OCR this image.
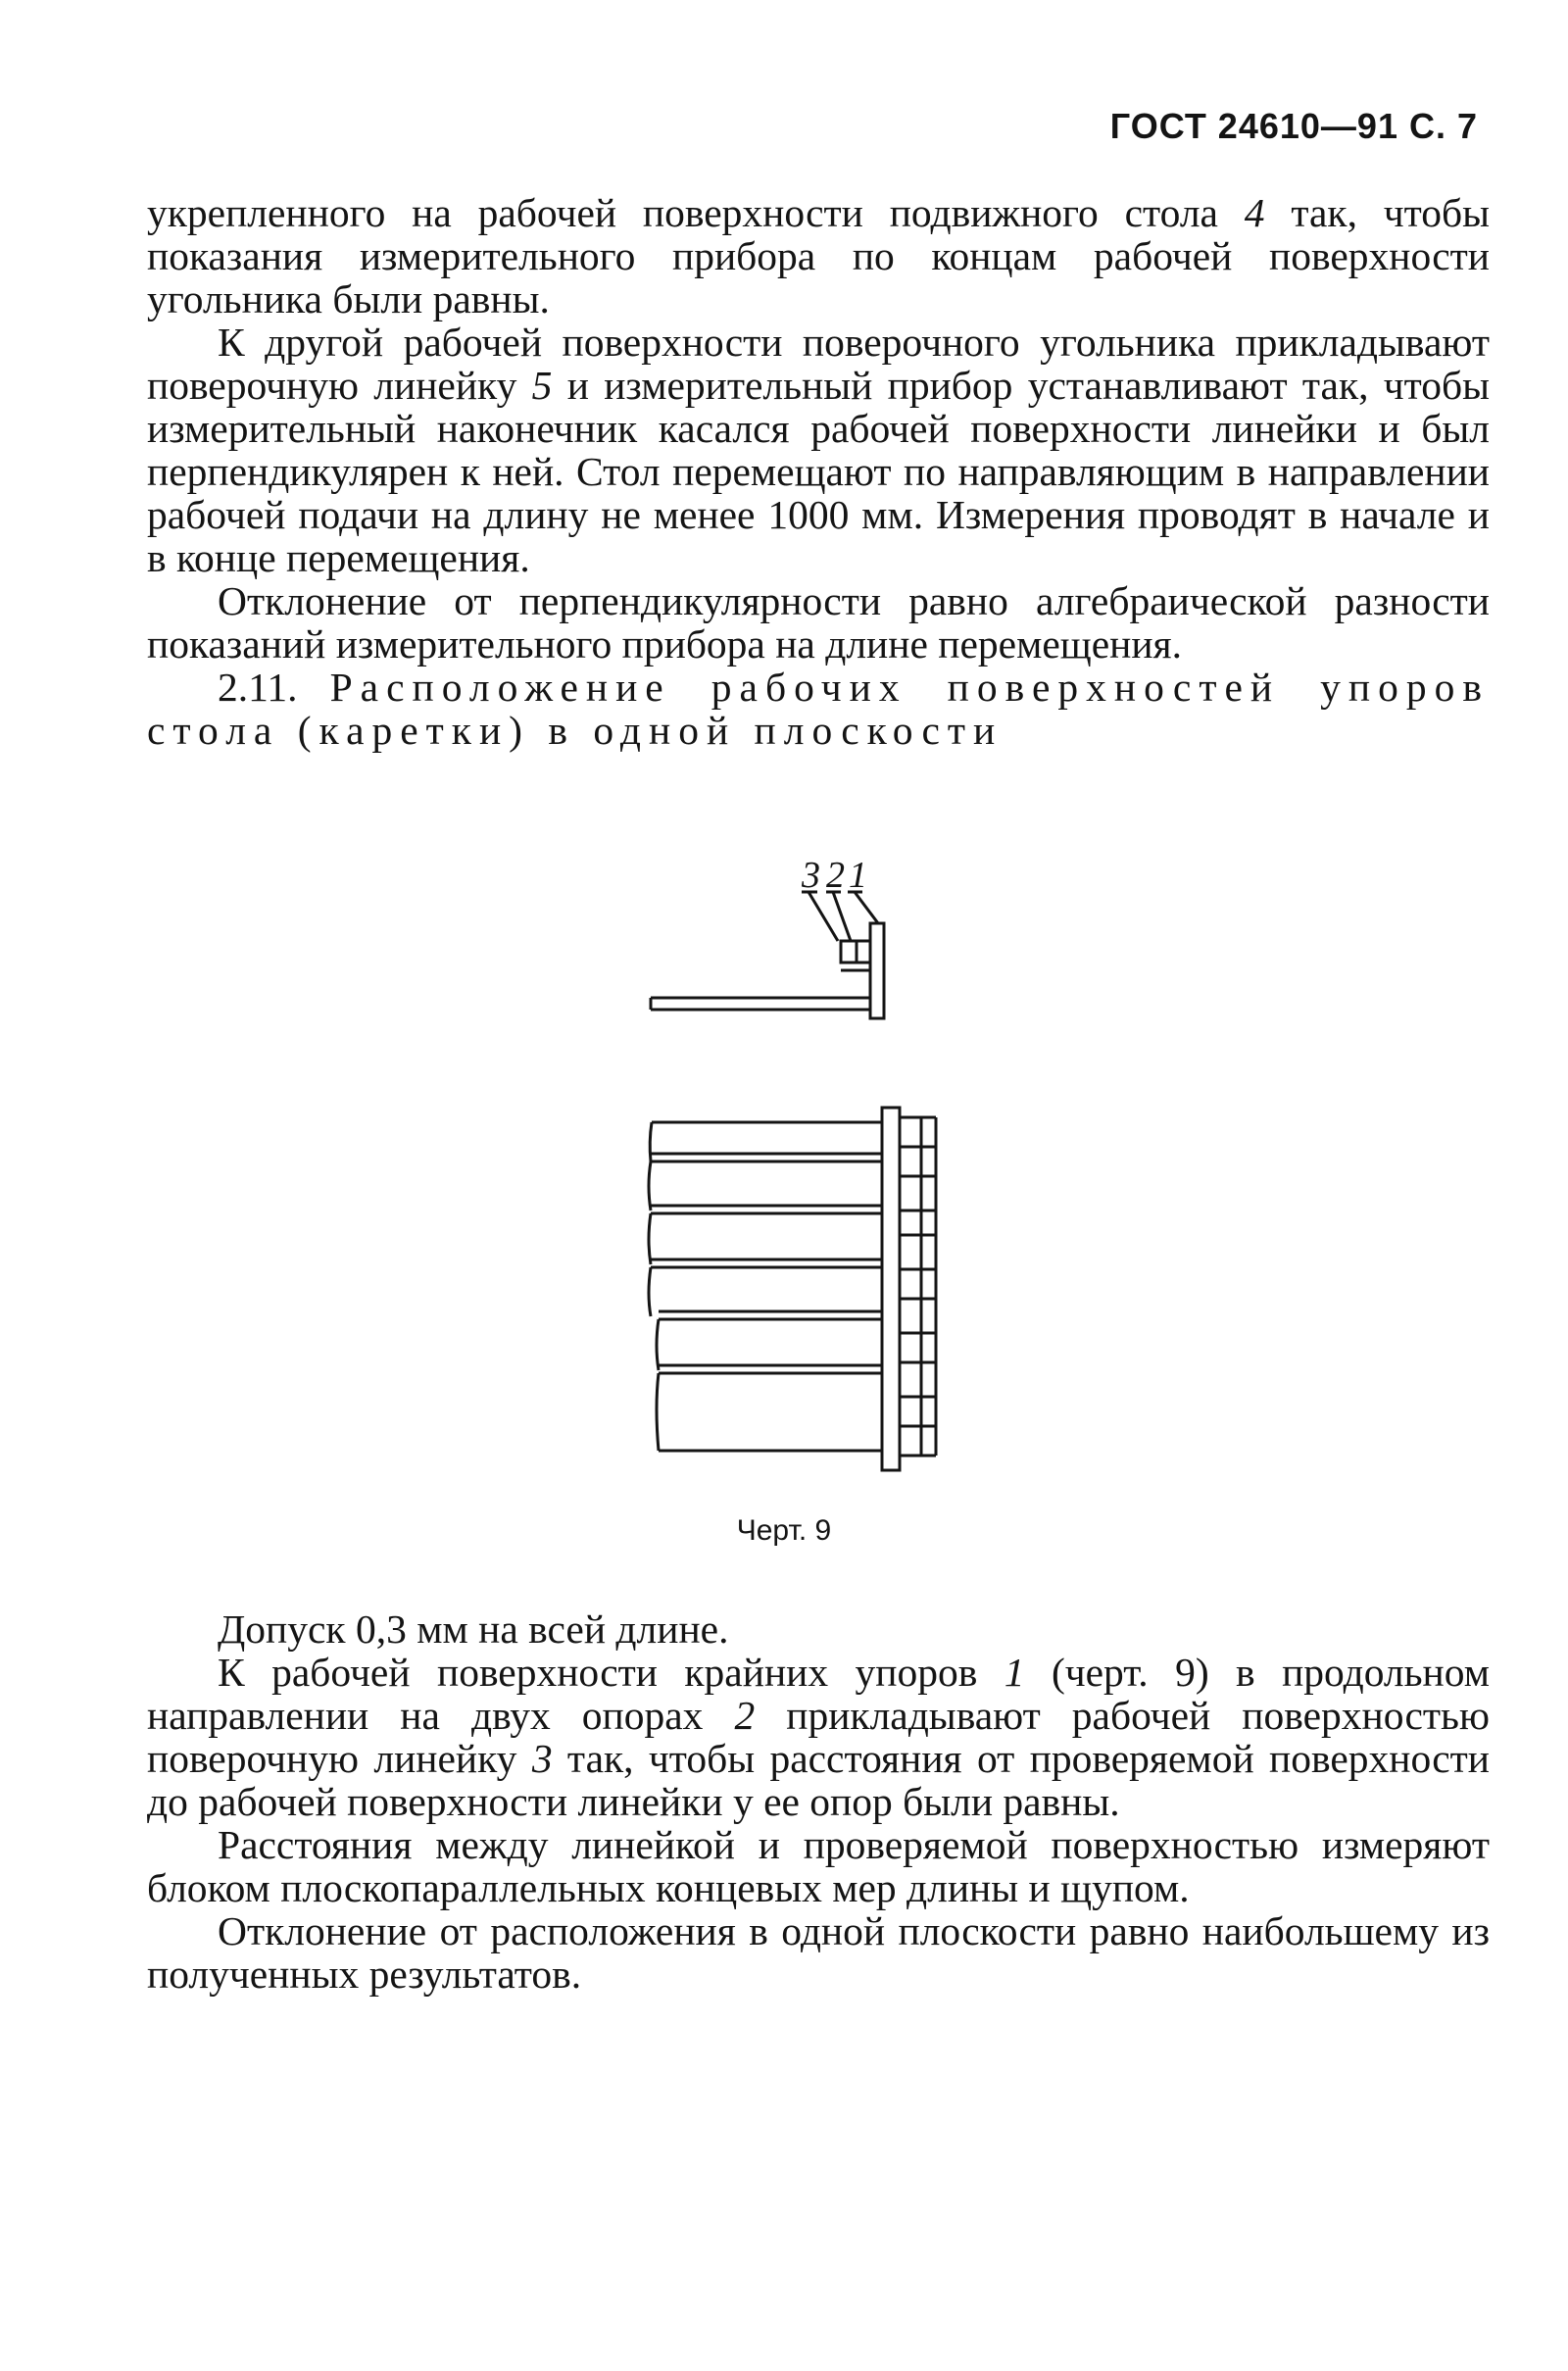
ГОСТ 24610—91 С. 7

укрепленного на рабочей поверхности подвижного стола 4 так, чтобы показания измерительного прибора по концам рабочей поверхности угольника были равны.

К другой рабочей поверхности поверочного угольника прикладывают поверочную линейку 5 и измерительный прибор устанавливают так, чтобы измерительный наконечник касался рабочей поверхности линейки и был перпендикулярен к ней. Стол перемещают по направляющим в направлении рабочей подачи на длину не менее 1000 мм. Измерения проводят в начале и в конце перемещения.

Отклонение от перпендикулярности равно алгебраической разности показаний измерительного прибора на длине перемещения.

2.11. Расположение рабочих поверхностей упоров стола (каретки) в одной плоскости

3 2 1
Черт. 9

Допуск 0,3 мм на всей длине.

К рабочей поверхности крайних упоров 1 (черт. 9) в продольном направлении на двух опорах 2 прикладывают рабочей поверхностью поверочную линейку 3 так, чтобы расстояния от проверяемой поверхности до рабочей поверхности линейки у ее опор были равны.

Расстояния между линейкой и проверяемой поверхностью измеряют блоком плоскопараллельных концевых мер длины и щупом.

Отклонение от расположения в одной плоскости равно наибольшему из полученных результатов.
